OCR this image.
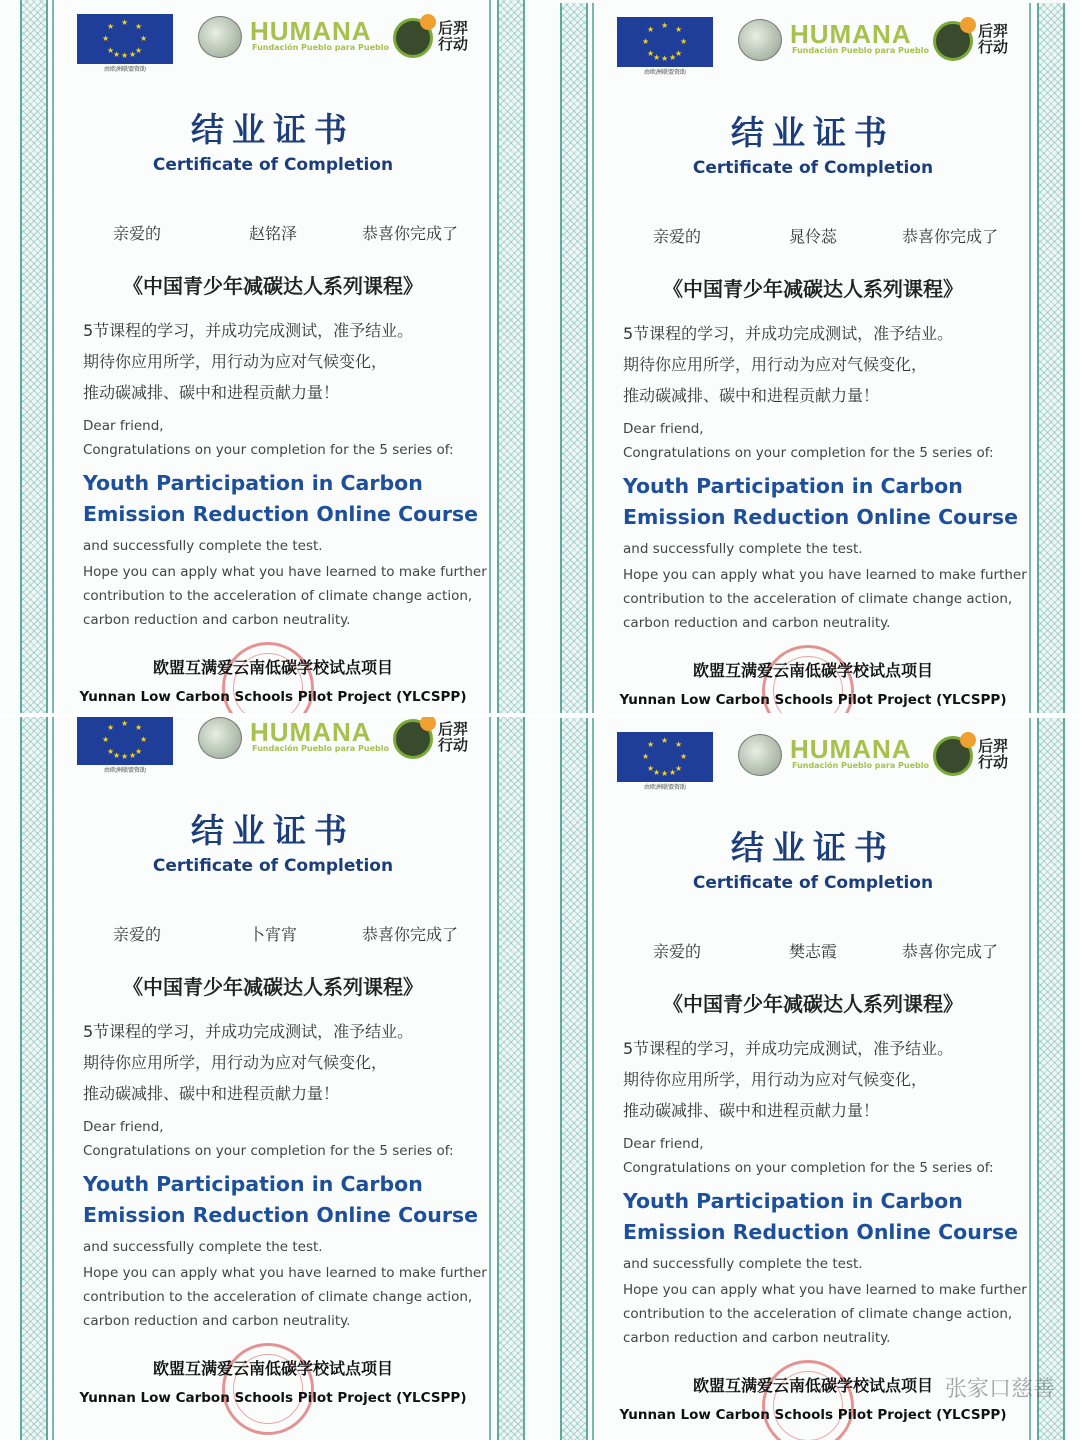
★
★	★
★	★
★	★
★
★ ★
由欧洲联盟资助
HUMANA
Fundación Pueblo para Pueblo
后羿行动
结业证书
Certificate of Completion
亲爱的	赵铭泽	恭喜你完成了
《中国青少年减碳达人系列课程》
5节课程的学习，并成功完成测试，准予结业。
期待你应用所学，用行动为应对气候变化，
推动碳减排、碳中和进程贡献力量！
Dear friend,
Congratulations on your completion for the 5 series of:
Youth Participation in Carbon
Emission Reduction Online Course
and successfully complete the test.
Hope you can apply what you have learned to make further
contribution to the acceleration of climate change action,
carbon reduction and carbon neutrality.
欧盟互满爱云南低碳学校试点项目
Yunnan Low Carbon Schools Pilot Project (YLCSPP)
★
★	★
★	★
★	★
★
★ ★
由欧洲联盟资助
HUMANA
Fundación Pueblo para Pueblo
后羿行动
结业证书
Certificate of Completion
亲爱的	晁伶蕊	恭喜你完成了
《中国青少年减碳达人系列课程》
5节课程的学习，并成功完成测试，准予结业。
期待你应用所学，用行动为应对气候变化，
推动碳减排、碳中和进程贡献力量！
Dear friend,
Congratulations on your completion for the 5 series of:
Youth Participation in Carbon
Emission Reduction Online Course
and successfully complete the test.
Hope you can apply what you have learned to make further
contribution to the acceleration of climate change action,
carbon reduction and carbon neutrality.
欧盟互满爱云南低碳学校试点项目
Yunnan Low Carbon Schools Pilot Project (YLCSPP)
★
★	★
★	★
★	★
★
★ ★
由欧洲联盟资助
HUMANA
Fundación Pueblo para Pueblo
后羿行动
结业证书
Certificate of Completion
亲爱的	卜宵宵	恭喜你完成了
《中国青少年减碳达人系列课程》
5节课程的学习，并成功完成测试，准予结业。
期待你应用所学，用行动为应对气候变化，
推动碳减排、碳中和进程贡献力量！
Dear friend,
Congratulations on your completion for the 5 series of:
Youth Participation in Carbon
Emission Reduction Online Course
and successfully complete the test.
Hope you can apply what you have learned to make further
contribution to the acceleration of climate change action,
carbon reduction and carbon neutrality.
欧盟互满爱云南低碳学校试点项目
Yunnan Low Carbon Schools Pilot Project (YLCSPP)
★
★	★
★	★
★	★
★
★ ★
由欧洲联盟资助
HUMANA
Fundación Pueblo para Pueblo
后羿行动
结业证书
Certificate of Completion
亲爱的	樊志霞	恭喜你完成了
《中国青少年减碳达人系列课程》
5节课程的学习，并成功完成测试，准予结业。
期待你应用所学，用行动为应对气候变化，
推动碳减排、碳中和进程贡献力量！
Dear friend,
Congratulations on your completion for the 5 series of:
Youth Participation in Carbon
Emission Reduction Online Course
and successfully complete the test.
Hope you can apply what you have learned to make further
contribution to the acceleration of climate change action,
carbon reduction and carbon neutrality.
欧盟互满爱云南低碳学校试点项目
Yunnan Low Carbon Schools Pilot Project (YLCSPP)
张家口慈善
